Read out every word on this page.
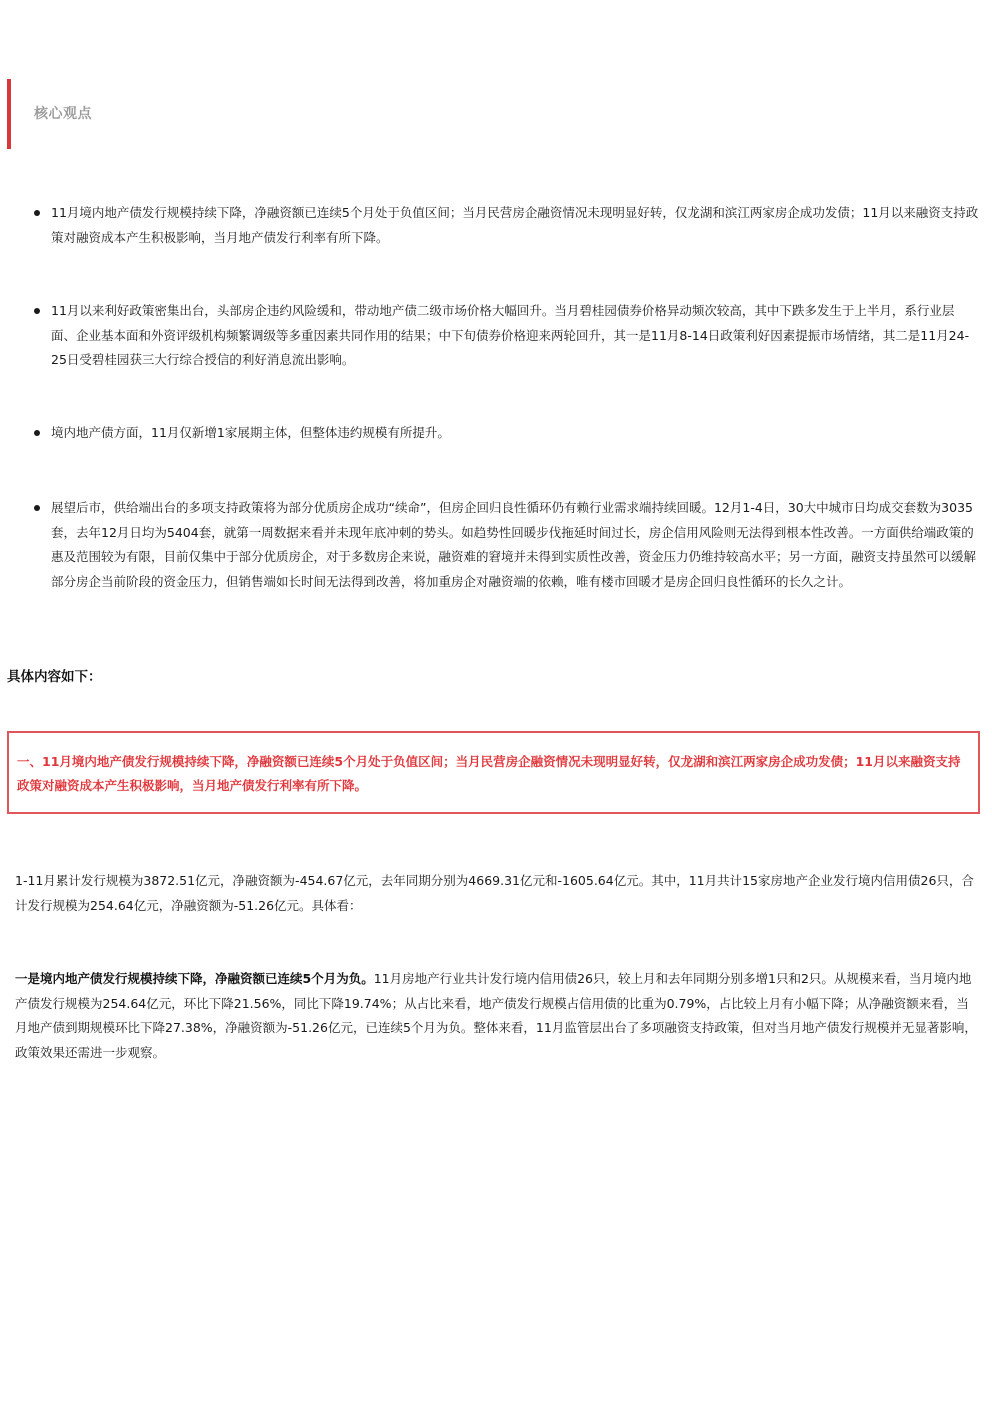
核心观点
11月境内地产债发行规模持续下降，净融资额已连续5个月处于负值区间；当月民营房企融资情况未现明显好转，仅龙湖和滨江两家房企成功发债；11月以来融资支持政策对融资成本产生积极影响，当月地产债发行利率有所下降。
11月以来利好政策密集出台，头部房企违约风险缓和，带动地产债二级市场价格大幅回升。当月碧桂园债券价格异动频次较高，其中下跌多发生于上半月，系行业层面、企业基本面和外资评级机构频繁调级等多重因素共同作用的结果；中下旬债券价格迎来两轮回升，其一是11月8-14日政策利好因素提振市场情绪，其二是11月24-25日受碧桂园获三大行综合授信的利好消息流出影响。
境内地产债方面，11月仅新增1家展期主体，但整体违约规模有所提升。
展望后市，供给端出台的多项支持政策将为部分优质房企成功“续命”，但房企回归良性循环仍有赖行业需求端持续回暖。12月1-4日，30大中城市日均成交套数为3035套，去年12月日均为5404套，就第一周数据来看并未现年底冲刺的势头。如趋势性回暖步伐拖延时间过长，房企信用风险则无法得到根本性改善。一方面供给端政策的惠及范围较为有限，目前仅集中于部分优质房企，对于多数房企来说，融资难的窘境并未得到实质性改善，资金压力仍维持较高水平；另一方面，融资支持虽然可以缓解部分房企当前阶段的资金压力，但销售端如长时间无法得到改善，将加重房企对融资端的依赖，唯有楼市回暖才是房企回归良性循环的长久之计。
具体内容如下：
一、11月境内地产债发行规模持续下降，净融资额已连续5个月处于负值区间；当月民营房企融资情况未现明显好转，仅龙湖和滨江两家房企成功发债；11月以来融资支持政策对融资成本产生积极影响，当月地产债发行利率有所下降。
1-11月累计发行规模为3872.51亿元，净融资额为-454.67亿元，去年同期分别为4669.31亿元和-1605.64亿元。其中，11月共计15家房地产企业发行境内信用债26只，合计发行规模为254.64亿元，净融资额为-51.26亿元。具体看：
一是境内地产债发行规模持续下降，净融资额已连续5个月为负。11月房地产行业共计发行境内信用债26只，较上月和去年同期分别多增1只和2只。从规模来看，当月境内地产债发行规模为254.64亿元，环比下降21.56%，同比下降19.74%；从占比来看，地产债发行规模占信用债的比重为0.79%，占比较上月有小幅下降；从净融资额来看，当月地产债到期规模环比下降27.38%，净融资额为-51.26亿元，已连续5个月为负。整体来看，11月监管层出台了多项融资支持政策，但对当月地产债发行规模并无显著影响，政策效果还需进一步观察。
